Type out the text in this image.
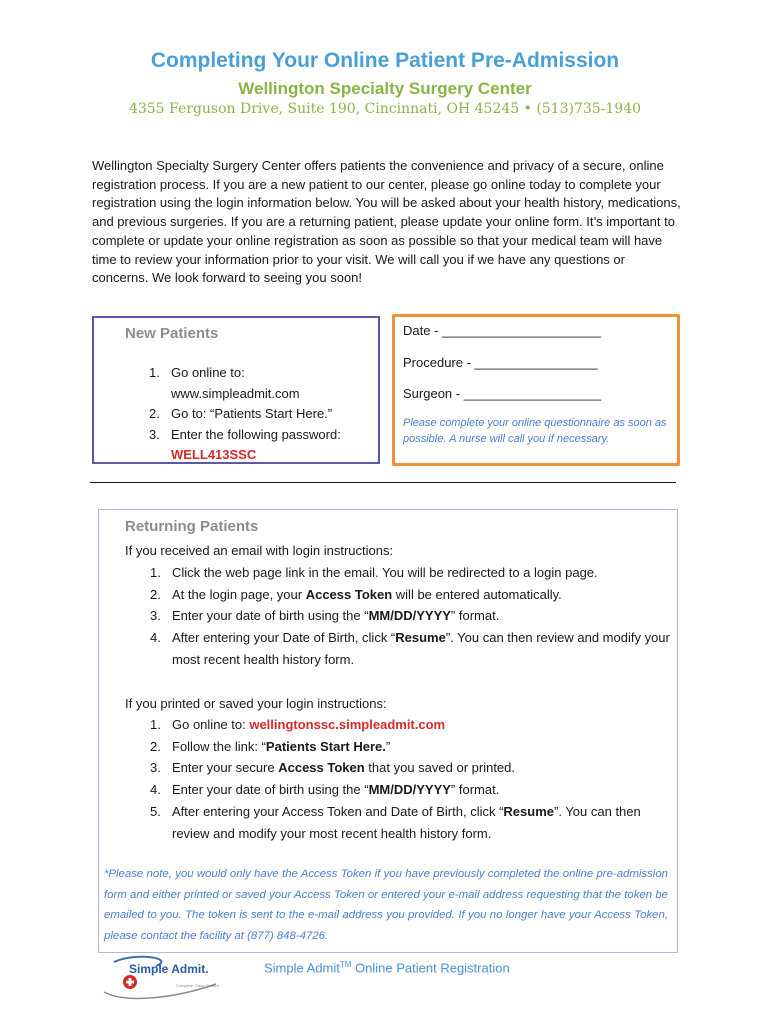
Completing Your Online Patient Pre-Admission
Wellington Specialty Surgery Center
4355 Ferguson Drive, Suite 190, Cincinnati, OH 45245 • (513)735-1940
Wellington Specialty Surgery Center offers patients the convenience and privacy of a secure, online registration process. If you are a new patient to our center, please go online today to complete your registration using the login information below. You will be asked about your health history, medications, and previous surgeries. If you are a returning patient, please update your online form. It’s important to complete or update your online registration as soon as possible so that your medical team will have time to review your information prior to your visit. We will call you if we have any questions or concerns. We look forward to seeing you soon!
New Patients
1. Go online to:
www.simpleadmit.com
2. Go to: “Patients Start Here.”
3. Enter the following password:
WELL413SSC
Date - ______________________
Procedure - _________________
Surgeon - ___________________
Please complete your online questionnaire as soon as possible. A nurse will call you if necessary.
Returning Patients
If you received an email with login instructions:
1. Click the web page link in the email. You will be redirected to a login page.
2. At the login page, your Access Token will be entered automatically.
3. Enter your date of birth using the “MM/DD/YYYY” format.
4. After entering your Date of Birth, click “Resume”. You can then review and modify your most recent health history form.
If you printed or saved your login instructions:
1. Go online to: wellingtonssc.simpleadmit.com
2. Follow the link: “Patients Start Here.”
3. Enter your secure Access Token that you saved or printed.
4. Enter your date of birth using the “MM/DD/YYYY” format.
5. After entering your Access Token and Date of Birth, click “Resume”. You can then review and modify your most recent health history form.
*Please note, you would only have the Access Token if you have previously completed the online pre-admission form and either printed or saved your Access Token or entered your e-mail address requesting that the token be emailed to you. The token is sent to the e-mail address you provided. If you no longer have your Access Token, please contact the facility at (877) 848-4726.
Simple Admit.
Complete. Easy. Secure.
Simple Admit™ Online Patient Registration
